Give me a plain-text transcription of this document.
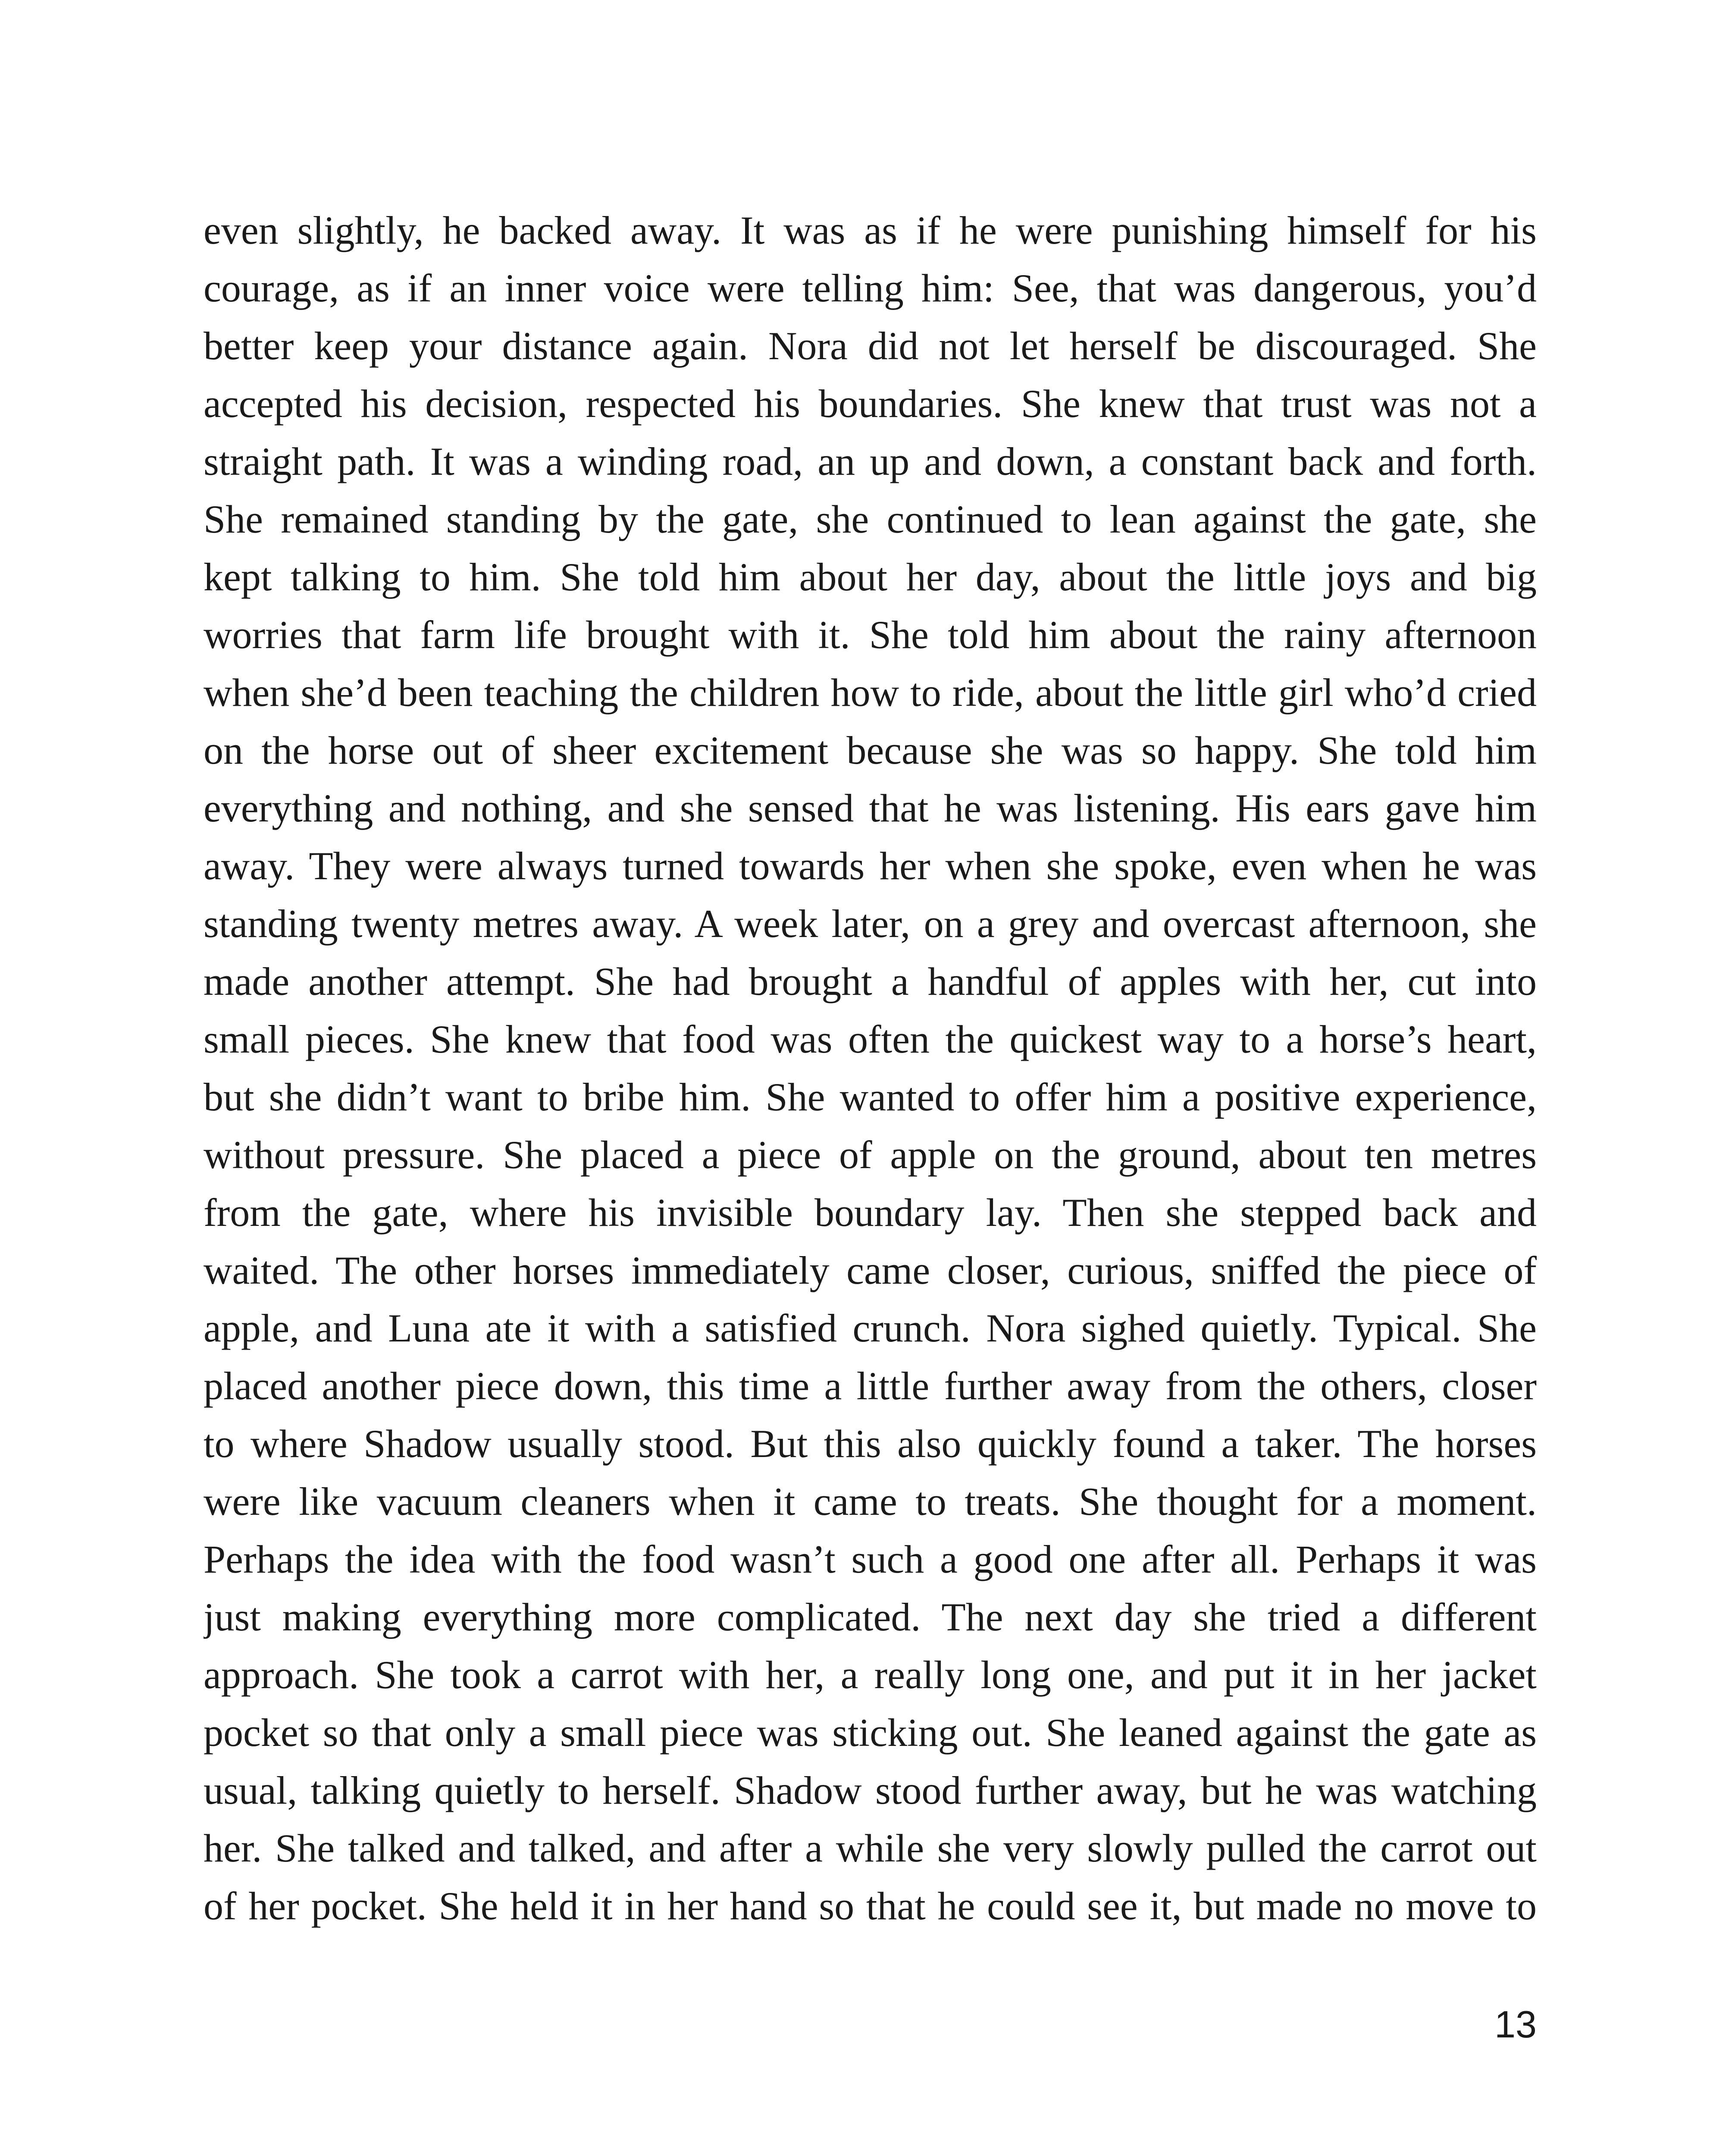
even slightly, he backed away. It was as if he were punishing himself for his
courage, as if an inner voice were telling him: See, that was dangerous, you’d
better keep your distance again. Nora did not let herself be discouraged. She
accepted his decision, respected his boundaries. She knew that trust was not a
straight path. It was a winding road, an up and down, a constant back and forth.
She remained standing by the gate, she continued to lean against the gate, she
kept talking to him. She told him about her day, about the little joys and big
worries that farm life brought with it. She told him about the rainy afternoon
when she’d been teaching the children how to ride, about the little girl who’d cried
on the horse out of sheer excitement because she was so happy. She told him
everything and nothing, and she sensed that he was listening. His ears gave him
away. They were always turned towards her when she spoke, even when he was
standing twenty metres away. A week later, on a grey and overcast afternoon, she
made another attempt. She had brought a handful of apples with her, cut into
small pieces. She knew that food was often the quickest way to a horse’s heart,
but she didn’t want to bribe him. She wanted to offer him a positive experience,
without pressure. She placed a piece of apple on the ground, about ten metres
from the gate, where his invisible boundary lay. Then she stepped back and
waited. The other horses immediately came closer, curious, sniffed the piece of
apple, and Luna ate it with a satisfied crunch. Nora sighed quietly. Typical. She
placed another piece down, this time a little further away from the others, closer
to where Shadow usually stood. But this also quickly found a taker. The horses
were like vacuum cleaners when it came to treats. She thought for a moment.
Perhaps the idea with the food wasn’t such a good one after all. Perhaps it was
just making everything more complicated. The next day she tried a different
approach. She took a carrot with her, a really long one, and put it in her jacket
pocket so that only a small piece was sticking out. She leaned against the gate as
usual, talking quietly to herself. Shadow stood further away, but he was watching
her. She talked and talked, and after a while she very slowly pulled the carrot out
of her pocket. She held it in her hand so that he could see it, but made no move to
13
